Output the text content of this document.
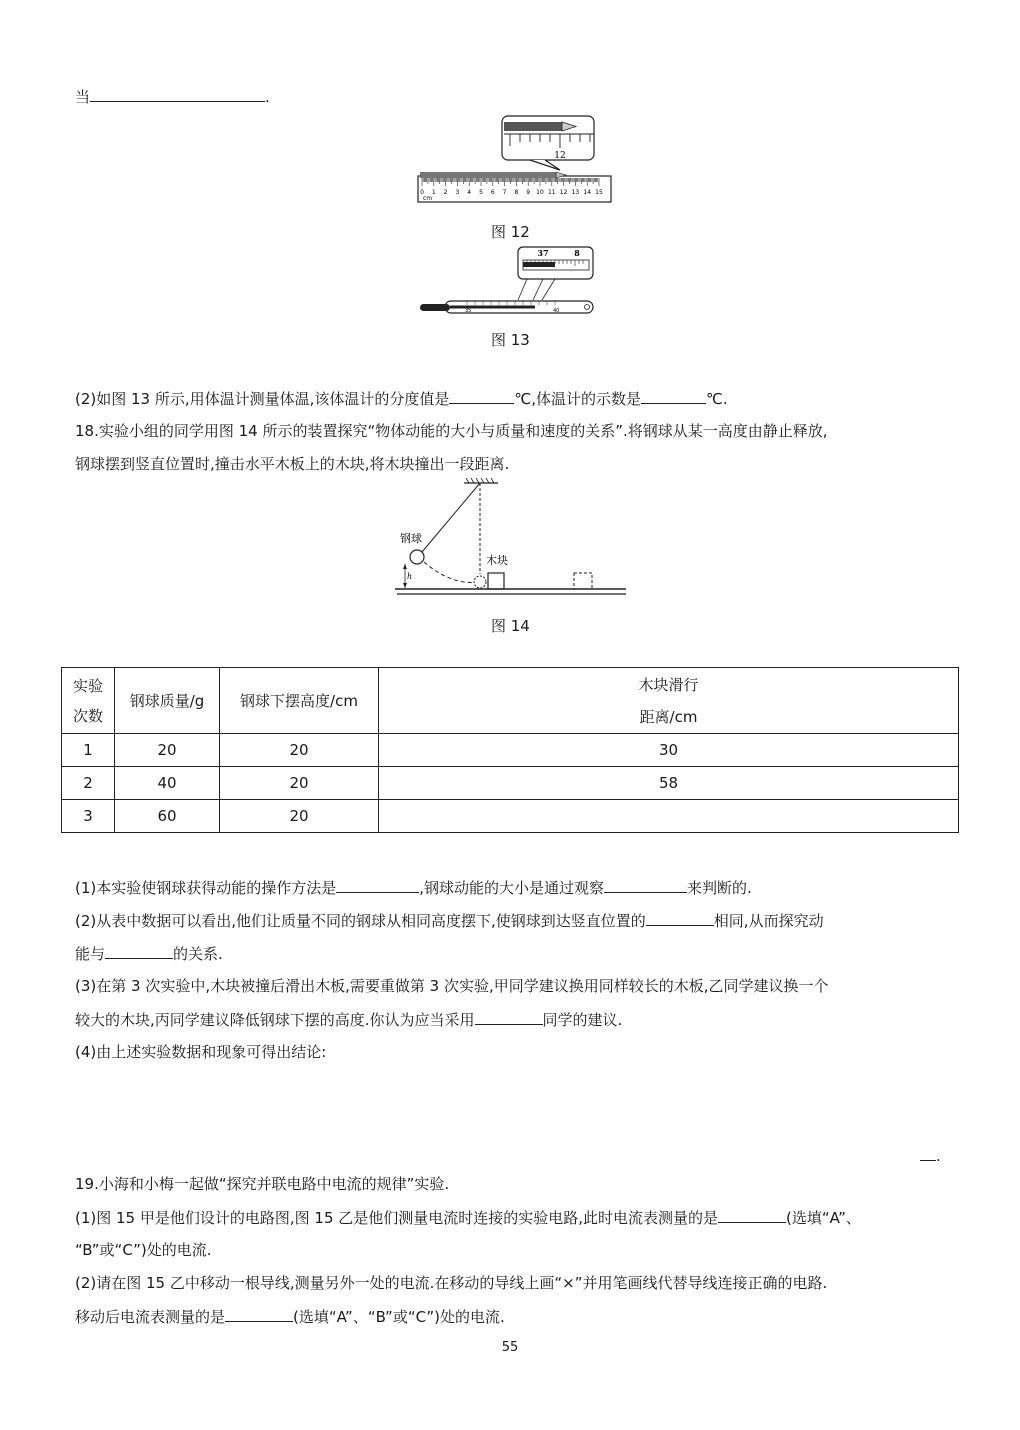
当	.
12
0 1 2 3 4 5 6 7 8 9 10 11 12 13 14 15
cm
图 12
37	8
35	40
图 13
(2)如图 13 所示,用体温计测量体温,该体温计的分度值是	℃,体温计的示数是	℃.
18.实验小组的同学用图 14 所示的装置探究“物体动能的大小与质量和速度的关系”.将钢球从某一高度由静止释放,
钢球摆到竖直位置时,撞击水平木板上的木块,将木块撞出一段距离.
h
钢球
木块
图 14
实验
次数	钢球质量/g	钢球下摆高度/cm	木块滑行
距离/cm
1	20	20	30
2	40	20	58
3	60	20	
(1)本实验使钢球获得动能的操作方法是	,钢球动能的大小是通过观察	来判断的.
(2)从表中数据可以看出,他们让质量不同的钢球从相同高度摆下,使钢球到达竖直位置的	相同,从而探究动
能与	的关系.
(3)在第 3 次实验中,木块被撞后滑出木板,需要重做第 3 次实验,甲同学建议换用同样较长的木板,乙同学建议换一个
较大的木块,丙同学建议降低钢球下摆的高度.你认为应当采用	同学的建议.
(4)由上述实验数据和现象可得出结论:
.
19.小海和小梅一起做“探究并联电路中电流的规律”实验.
(1)图 15 甲是他们设计的电路图,图 15 乙是他们测量电流时连接的实验电路,此时电流表测量的是	(选填“A”、
“B”或“C”)处的电流.
(2)请在图 15 乙中移动一根导线,测量另外一处的电流.在移动的导线上画“×”并用笔画线代替导线连接正确的电路.
移动后电流表测量的是	(选填“A”、“B”或“C”)处的电流.
55
